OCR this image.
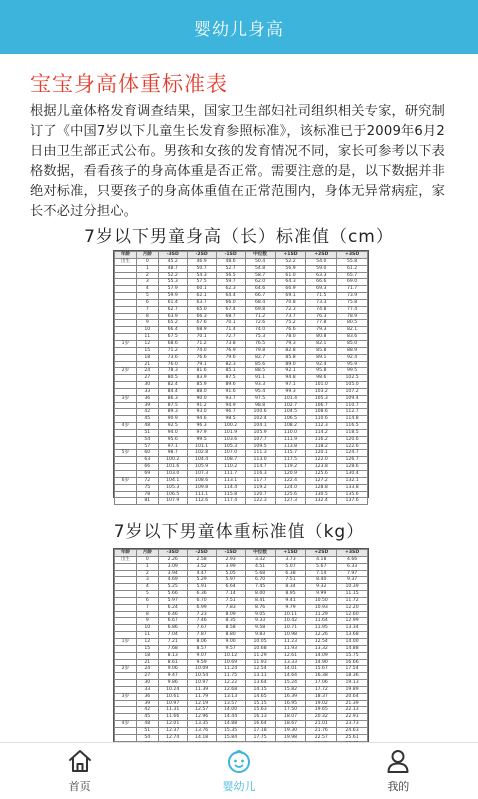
婴幼儿身高
宝宝身高体重标准表
根据儿童体格发育调查结果，国家卫生部妇社司组织相关专家，研究制订了《中国7岁以下儿童生长发育参照标准》，该标准已于2009年6月2日由卫生部正式公布。男孩和女孩的发育情况不同，家长可参考以下表格数据，看看孩子的身高体重是否正常。需要注意的是，以下数据并非绝对标准，只要孩子的身高体重值在正常范围内，身体无异常病症，家长不必过分担心。
7岁以下男童身高（长）标准值（cm）
年龄	月龄	-3SD	-2SD	-1SD	中位数	+1SD	+2SD	+3SD
出生	0	45.2	46.9	48.6	50.4	52.2	54.0	55.8
	1	48.7	50.7	52.7	54.8	56.9	59.0	61.2
	2	52.2	54.3	56.5	58.7	61.0	63.3	65.7
	3	55.3	57.5	59.7	62.0	64.3	66.6	69.0
	4	57.9	60.1	62.3	64.6	66.9	69.3	71.7
	5	59.9	62.1	64.4	66.7	69.1	71.5	73.9
	6	61.4	63.7	66.0	68.4	70.8	73.3	75.8
	7	62.7	65.0	67.4	69.8	72.3	74.8	77.4
	8	63.9	66.3	68.7	71.2	73.7	76.3	78.9
	9	65.2	67.6	70.1	72.6	75.2	77.8	80.5
	10	66.4	68.9	71.4	74.0	76.6	79.3	82.1
	11	67.5	70.1	72.7	75.3	78.0	80.8	83.6
1岁	12	68.6	71.2	73.8	76.5	79.3	82.1	85.0
	15	71.2	74.0	76.9	79.8	82.8	85.8	88.9
	18	73.6	76.6	79.6	82.7	85.8	89.1	92.4
	21	76.0	79.1	82.3	85.6	89.0	92.4	95.9
2岁	24	78.3	81.6	85.1	88.5	92.1	95.8	99.5
	27	80.5	83.9	87.5	91.1	94.8	98.6	102.5
	30	82.4	85.9	89.6	93.3	97.1	101.0	105.0
	33	84.4	88.0	91.6	95.4	99.3	103.2	107.2
3岁	36	86.3	90.0	93.7	97.5	101.4	105.3	109.4
	39	87.5	91.2	94.9	98.8	102.7	106.7	110.7
	42	89.3	93.0	96.7	100.6	104.5	108.6	112.7
	45	90.9	94.6	98.5	102.4	106.5	110.6	114.8
4岁	48	92.5	96.3	100.2	104.1	108.2	112.3	116.5
	51	94.0	97.9	101.9	105.9	110.0	114.2	118.5
	54	95.6	99.5	103.6	107.7	111.9	116.2	120.6
	57	97.1	101.1	105.3	109.5	113.8	118.2	122.6
5岁	60	98.7	102.8	107.0	111.3	115.7	120.1	124.7
	63	100.2	104.4	108.7	113.0	117.5	122.0	126.7
	66	101.6	105.9	110.2	114.7	119.2	123.8	128.6
	69	103.0	107.3	111.7	116.3	120.9	125.6	130.4
6岁	72	104.1	108.6	113.1	117.7	122.4	127.2	132.1
	75	105.3	109.8	114.4	119.2	124.0	128.8	133.8
	78	106.5	111.1	115.8	120.7	125.6	130.5	135.6
	81	107.9	112.6	117.4	122.3	127.3	132.4	137.6
7岁以下男童体重标准值（kg）
年龄	月龄	-3SD	-2SD	-1SD	中位数	+1SD	+2SD	+3SD
出生	0	2.26	2.58	2.93	3.32	3.73	4.18	4.66
	1	3.09	3.52	3.99	4.51	5.07	5.67	6.33
	2	3.94	4.47	5.05	5.68	6.38	7.14	7.97
	3	4.69	5.29	5.97	6.70	7.51	8.40	9.37
	4	5.25	5.91	6.64	7.45	8.34	9.32	10.39
	5	5.66	6.36	7.14	8.00	8.95	9.99	11.15
	6	5.97	6.70	7.51	8.41	9.41	10.50	11.72
	7	6.24	6.99	7.83	8.76	9.79	10.93	12.20
	8	6.46	7.23	8.09	9.05	10.11	11.29	12.60
	9	6.67	7.46	8.35	9.33	10.42	11.64	12.99
	10	6.86	7.67	8.58	9.58	10.71	11.95	13.34
	11	7.04	7.87	8.80	9.83	10.98	12.26	13.68
1岁	12	7.21	8.06	9.00	10.05	11.23	12.54	14.00
	15	7.68	8.57	9.57	10.68	11.93	13.32	14.88
	18	8.13	9.07	10.12	11.29	12.61	14.09	15.75
	21	8.61	9.59	10.69	11.93	13.33	14.90	16.66
2岁	24	9.06	10.09	11.24	12.54	14.01	15.67	17.54
	27	9.47	10.54	11.75	13.11	14.64	16.38	18.36
	30	9.86	10.97	12.22	13.64	15.24	17.06	19.13
	33	10.24	11.39	12.68	14.15	15.82	17.72	19.89
3岁	36	10.61	11.79	13.13	14.65	16.39	18.37	20.64
	39	10.97	12.19	13.57	15.15	16.95	19.02	21.39
	42	11.31	12.57	14.00	15.63	17.50	19.65	22.13
	45	11.66	12.96	14.44	16.13	18.07	20.32	22.91
4岁	48	12.01	13.35	14.88	16.64	18.67	21.01	23.73
	51	12.37	13.76	15.35	17.18	19.30	21.76	24.63
	54	12.74	14.18	15.84	17.75	19.98	22.57	25.61

首页	婴幼儿	我的
